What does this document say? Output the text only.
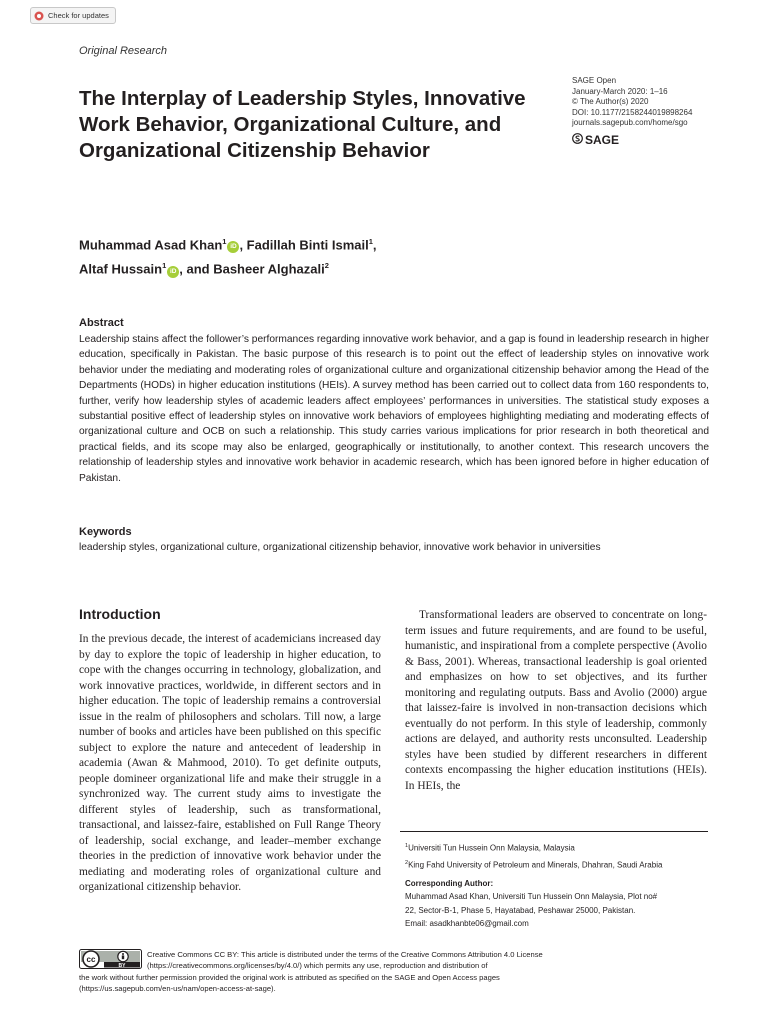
Check for updates
Original Research
The Interplay of Leadership Styles, Innovative Work Behavior, Organizational Culture, and Organizational Citizenship Behavior
SAGE Open
January-March 2020: 1–16
© The Author(s) 2020
DOI: 10.1177/2158244019898264
journals.sagepub.com/home/sgo
SAGE
Muhammad Asad Khan$^1$iD , Fadillah Binti Ismail$^1$,
Altaf Hussain$^1$iD , and Basheer Alghazali$^2$
Abstract

Leadership stains affect the follower’s performances regarding innovative work behavior, and a gap is found in leadership research in higher education, specifically in Pakistan. The basic purpose of this research is to point out the effect of leadership styles on innovative work behavior under the mediating and moderating roles of organizational culture and organizational citizenship behavior among the Head of the Departments (HODs) in higher education institutions (HEIs). A survey method has been carried out to collect data from 160 respondents to, further, verify how leadership styles of academic leaders affect employees’ performances in universities. The statistical study exposes a substantial positive effect of leadership styles on innovative work behaviors of employees highlighting mediating and moderating effects of organizational culture and OCB on such a relationship. This study carries various implications for prior research in both theoretical and practical fields, and its scope may also be enlarged, geographically or institutionally, to another context. This research uncovers the relationship of leadership styles and innovative work behavior in academic research, which has been ignored before in higher education of Pakistan.

Keywords
leadership styles, organizational culture, organizational citizenship behavior, innovative work behavior in universities
Introduction

In the previous decade, the interest of academicians increased day by day to explore the topic of leadership in higher education, to cope with the changes occurring in technology, globalization, and work innovative practices, worldwide, in different sectors and in higher education. The topic of leadership remains a controversial issue in the realm of philosophers and scholars. Till now, a large number of books and articles have been published on this specific subject to explore the nature and antecedent of leadership in academia (Awan & Mahmood, 2010). To get definite outputs, people domineer organizational life and make their struggle in a synchronized way. The current study aims to investigate the different styles of leadership, such as transformational, transactional, and laissez-faire, established on Full Range Theory of leadership, social exchange, and leader–member exchange theories in the prediction of innovative work behavior under the mediating and moderating roles of organizational culture and organizational citizenship behavior.

Transformational leaders are observed to concentrate on long-term issues and future requirements, and are found to be useful, humanistic, and inspirational from a complete perspective (Avolio & Bass, 2001). Whereas, transactional leadership is goal oriented and emphasizes on how to set objectives, and its further monitoring and regulating outputs. Bass and Avolio (2000) argue that laissez-faire is involved in non-transaction decisions which eventually do not perform. In this style of leadership, commonly actions are delayed, and authority rests unconsulted. Leadership styles have been studied by different researchers in different contexts encompassing the higher education institutions (HEIs). In HEIs, the

$^1$Universiti Tun Hussein Onn Malaysia, Malaysia
$^2$King Fahd University of Petroleum and Minerals, Dhahran, Saudi Arabia
Corresponding Author:
Muhammad Asad Khan, Universiti Tun Hussein Onn Malaysia, Plot no#
22, Sector-B-1, Phase 5, Hayatabad, Peshawar 25000, Pakistan.
Email: asadkhanbte06@gmail.com
cc
BY
Creative Commons CC BY: This article is distributed under the terms of the Creative Commons Attribution 4.0 License
(https://creativecommons.org/licenses/by/4.0/) which permits any use, reproduction and distribution of
the work without further permission provided the original work is attributed as specified on the SAGE and Open Access pages
(https://us.sagepub.com/en-us/nam/open-access-at-sage).
